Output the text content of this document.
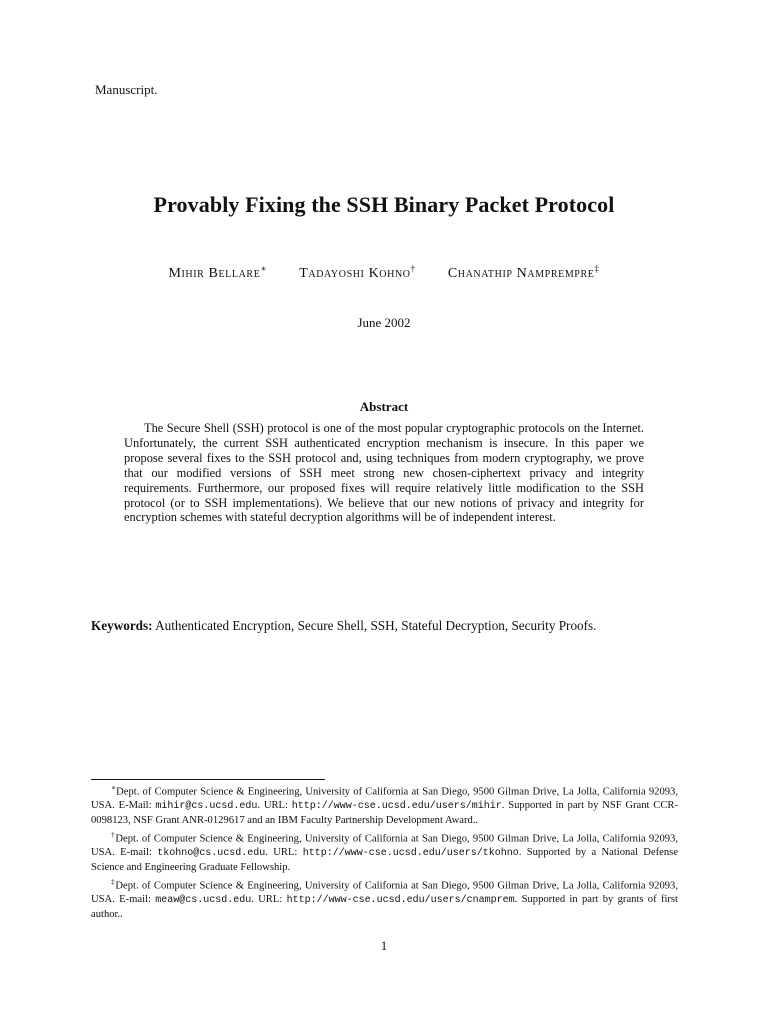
Manuscript.
Provably Fixing the SSH Binary Packet Protocol
Mihir Bellare∗ Tadayoshi Kohno† Chanathip Namprempre‡
June 2002
Abstract
The Secure Shell (SSH) protocol is one of the most popular cryptographic protocols on the Internet. Unfortunately, the current SSH authenticated encryption mechanism is insecure. In this paper we propose several fixes to the SSH protocol and, using techniques from modern cryptography, we prove that our modified versions of SSH meet strong new chosen-ciphertext privacy and integrity requirements. Furthermore, our proposed fixes will require relatively little modification to the SSH protocol (or to SSH implementations). We believe that our new notions of privacy and integrity for encryption schemes with stateful decryption algorithms will be of independent interest.
Keywords: Authenticated Encryption, Secure Shell, SSH, Stateful Decryption, Security Proofs.

∗Dept. of Computer Science & Engineering, University of California at San Diego, 9500 Gilman Drive, La Jolla, California 92093, USA. E-Mail: mihir@cs.ucsd.edu. URL: http://www-cse.ucsd.edu/users/mihir. Supported in part by NSF Grant CCR-0098123, NSF Grant ANR-0129617 and an IBM Faculty Partnership Development Award..

†Dept. of Computer Science & Engineering, University of California at San Diego, 9500 Gilman Drive, La Jolla, California 92093, USA. E-mail: tkohno@cs.ucsd.edu. URL: http://www-cse.ucsd.edu/users/tkohno. Supported by a National Defense Science and Engineering Graduate Fellowship.

‡Dept. of Computer Science & Engineering, University of California at San Diego, 9500 Gilman Drive, La Jolla, California 92093, USA. E-mail: meaw@cs.ucsd.edu. URL: http://www-cse.ucsd.edu/users/cnamprem. Supported in part by grants of first author..

1
